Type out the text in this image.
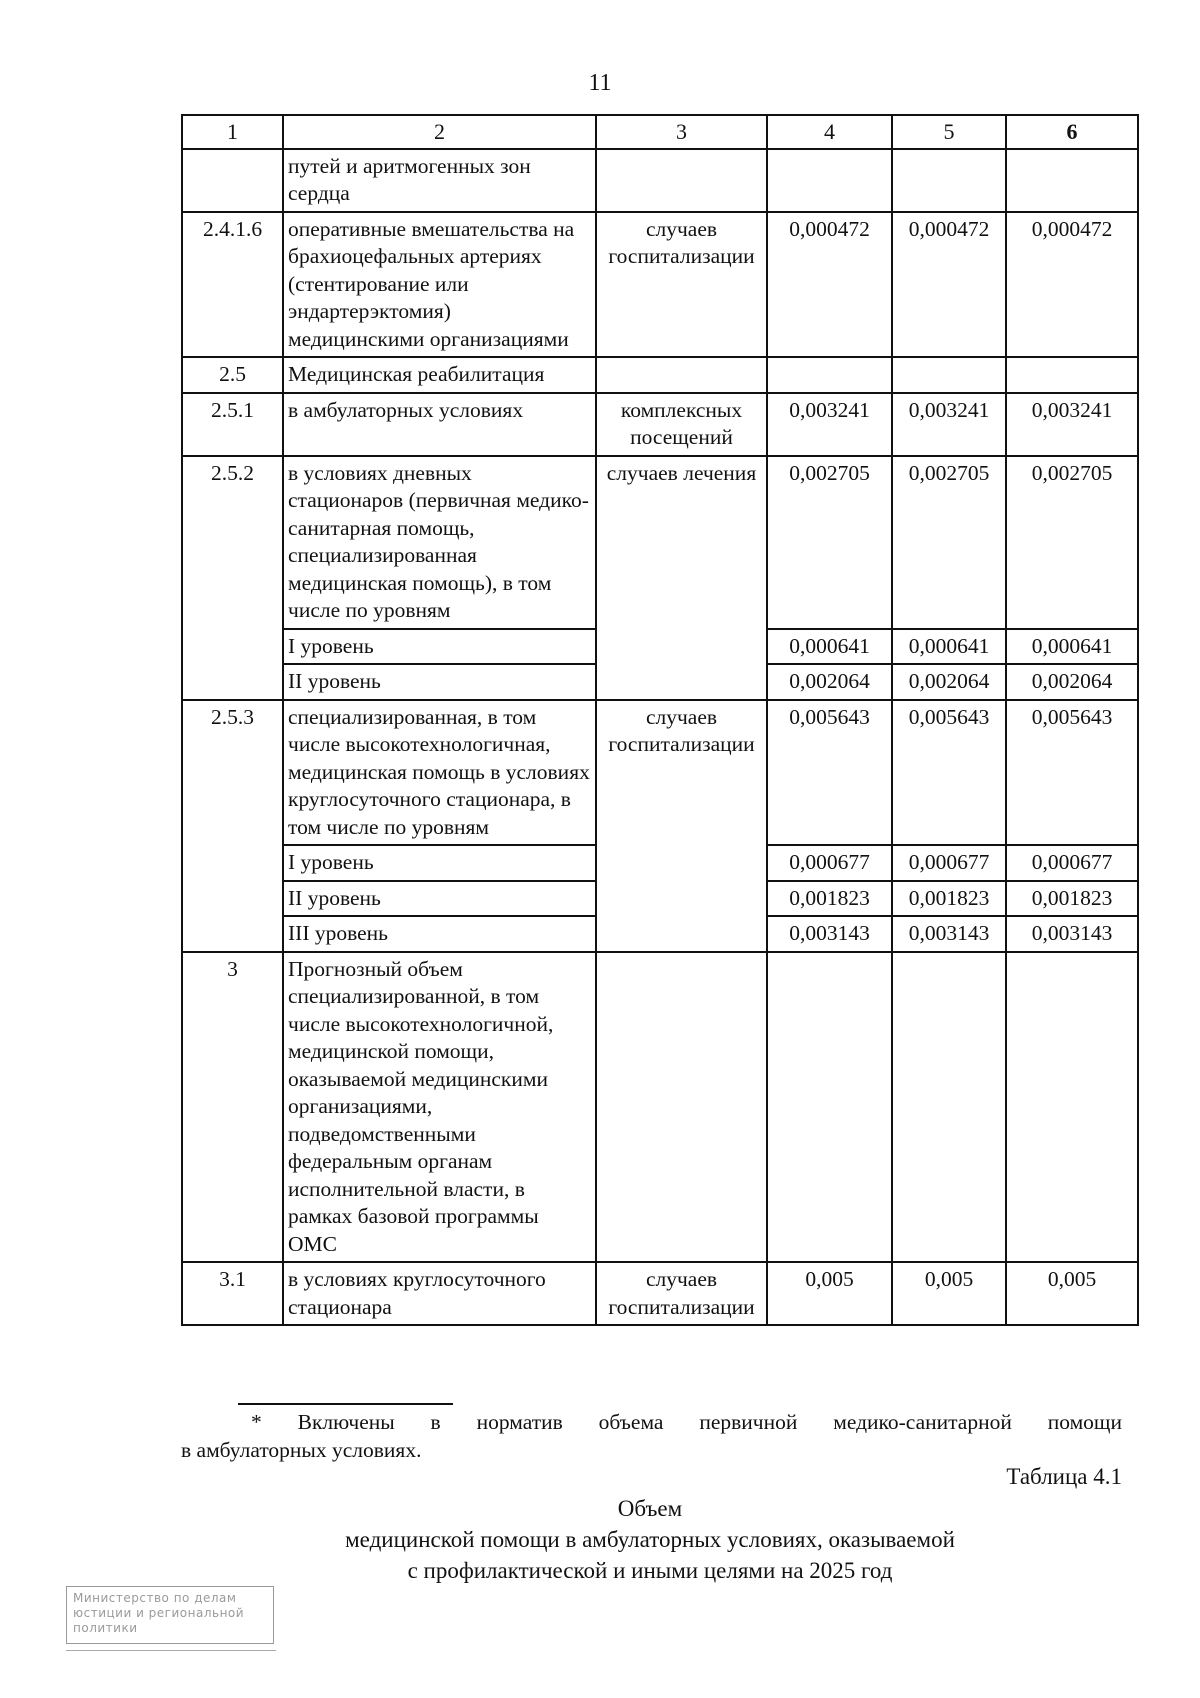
11
1	2	3	4	5	6
	путей и аритмогенных зон сердца				
2.4.1.6	оперативные вмешательства на брахиоцефальных артериях (стентирование или эндартерэктомия) медицинскими организациями	случаев госпитализации	0,000472	0,000472	0,000472
2.5	Медицинская реабилитация				
2.5.1	в амбулаторных условиях	комплексных посещений	0,003241	0,003241	0,003241
2.5.2	в условиях дневных стационаров (первичная медико-санитарная помощь, специализированная медицинская помощь), в том числе по уровням	случаев лечения	0,002705	0,002705	0,002705
	I уровень		0,000641	0,000641	0,000641
	II уровень		0,002064	0,002064	0,002064
2.5.3	специализированная, в том числе высокотехнологичная, медицинская помощь в условиях круглосуточного стационара, в том числе по уровням	случаев госпитализации	0,005643	0,005643	0,005643
	I уровень		0,000677	0,000677	0,000677
	II уровень		0,001823	0,001823	0,001823
	III уровень		0,003143	0,003143	0,003143
3	Прогнозный объем специализированной, в том числе высокотехнологичной, медицинской помощи, оказываемой медицинскими организациями, подведомственными федеральным органам исполнительной власти, в рамках базовой программы ОМС				
3.1	в условиях круглосуточного стационара	случаев госпитализации	0,005	0,005	0,005
* Включены в норматив объема первичной медико-санитарной помощи
в амбулаторных условиях.
Таблица 4.1
Объем
медицинской помощи в амбулаторных условиях, оказываемой
с профилактической и иными целями на 2025 год
Министерство по делам
юстиции и региональной
политики
